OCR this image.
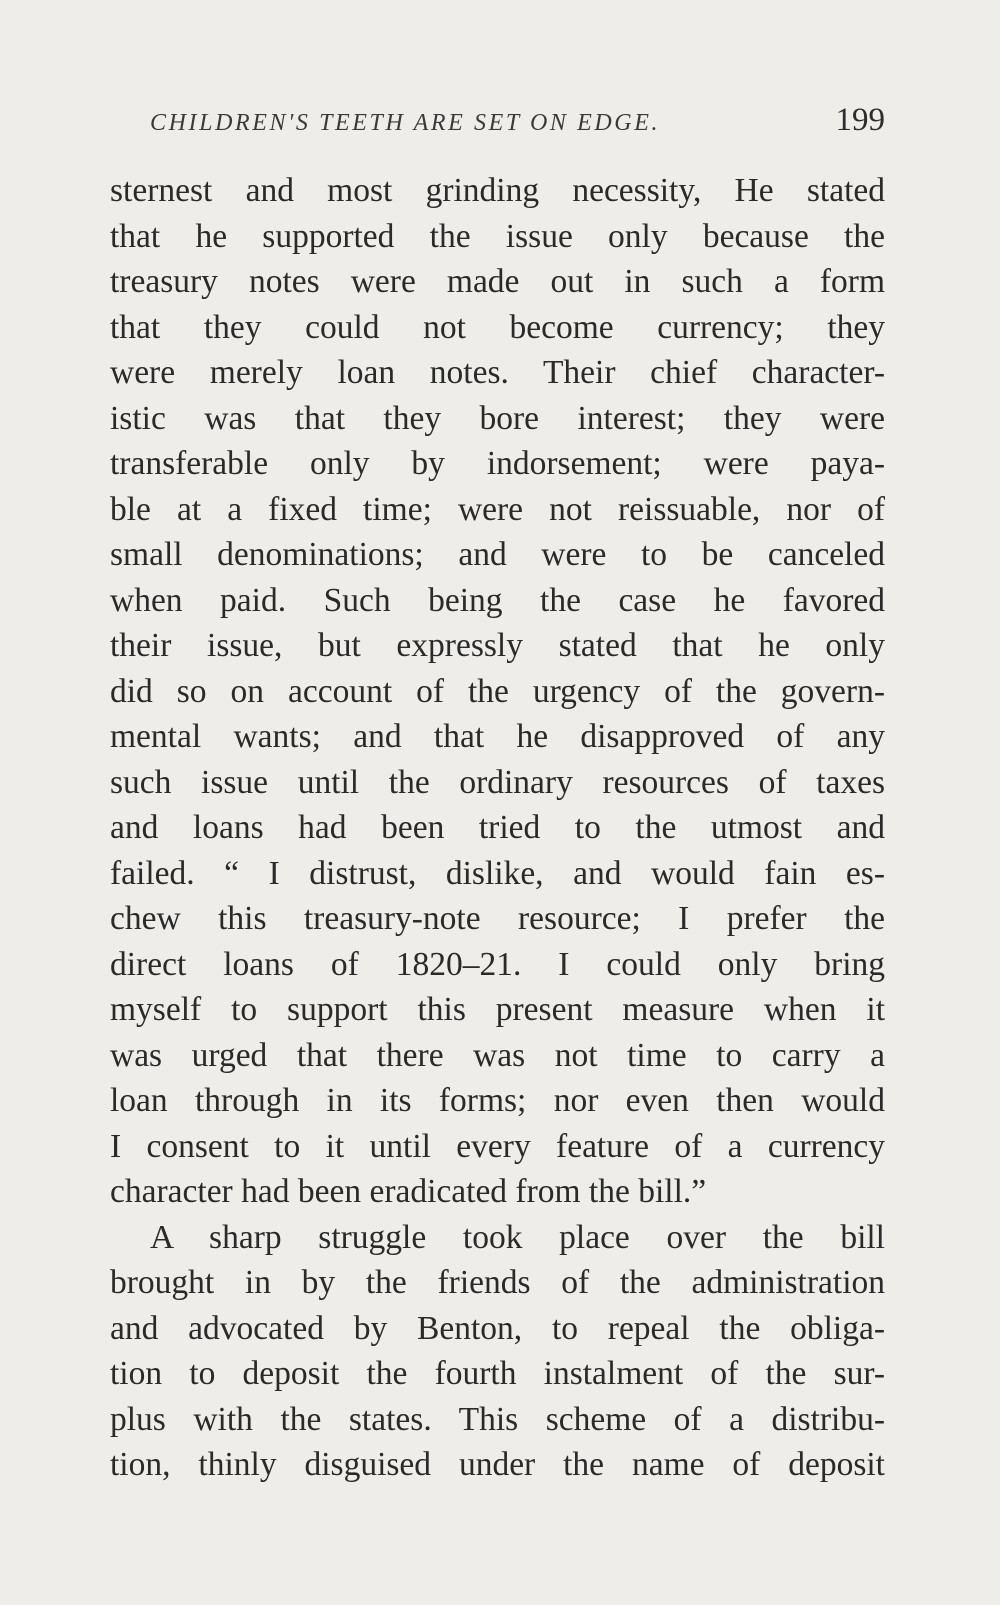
CHILDREN'S TEETH ARE SET ON EDGE.	199
sternest and most grinding necessity, He stated
that he supported the issue only because the
treasury notes were made out in such a form
that they could not become currency; they
were merely loan notes. Their chief character-
istic was that they bore interest; they were
transferable only by indorsement; were paya-
ble at a fixed time; were not reissuable, nor of
small denominations; and were to be canceled
when paid. Such being the case he favored
their issue, but expressly stated that he only
did so on account of the urgency of the govern-
mental wants; and that he disapproved of any
such issue until the ordinary resources of taxes
and loans had been tried to the utmost and
failed. “ I distrust, dislike, and would fain es-
chew this treasury-note resource; I prefer the
direct loans of 1820–21. I could only bring
myself to support this present measure when it
was urged that there was not time to carry a
loan through in its forms; nor even then would
I consent to it until every feature of a currency
character had been eradicated from the bill.”
A sharp struggle took place over the bill
brought in by the friends of the administration
and advocated by Benton, to repeal the obliga-
tion to deposit the fourth instalment of the sur-
plus with the states. This scheme of a distribu-
tion, thinly disguised under the name of deposit
